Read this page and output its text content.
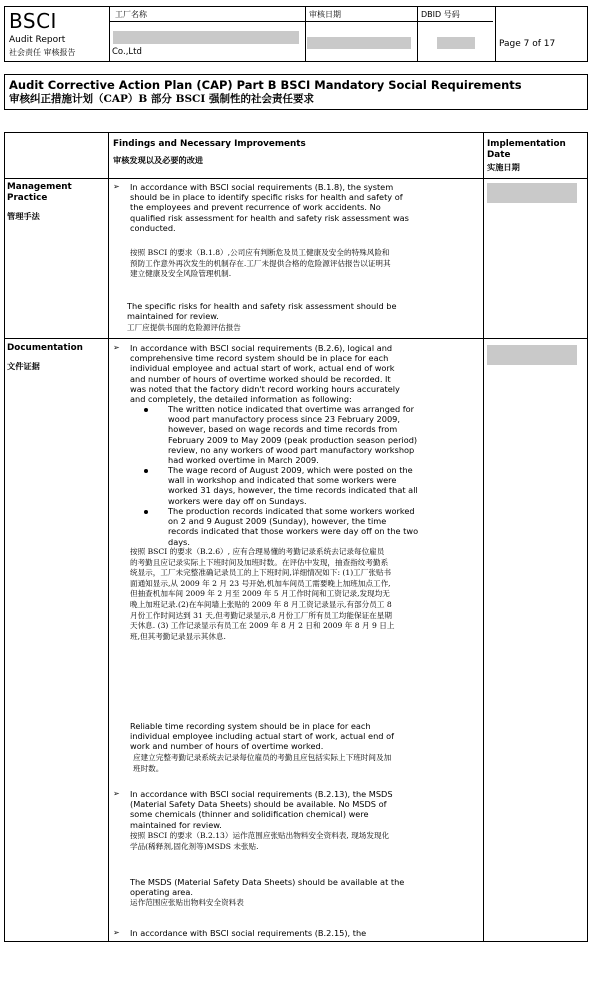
BSCI
Audit Report
社会责任 审核报告
工厂名称
Co.,Ltd
审核日期	DBID 号码
Page 7 of 17
Audit Corrective Action Plan (CAP) Part B BSCI Mandatory Social Requirements
审核纠正措施计划（CAP）B 部分 BSCI 强制性的社会责任要求
Findings and Necessary Improvements
审核发现以及必要的改进
Implementation
Date
实施日期
Management
Practice
管理手法
➢ In accordance with BSCI social requirements (B.1.8), the system
should be in place to identify specific risks for health and safety of
the employees and prevent recurrence of work accidents. No
qualified risk assessment for health and safety risk assessment was
conducted.
按照 BSCI 的要求（B.1.8）,公司应有判断危及员工健康及安全的特殊风险和
预防工作意外再次发生的机制存在.工厂未提供合格的危险源评估报告以证明其
建立健康及安全风险管理机制.
The specific risks for health and safety risk assessment should be
maintained for review.
工厂应提供书面的危险源评估报告
Documentation
文件证据
➢ In accordance with BSCI social requirements (B.2.6), logical and
comprehensive time record system should be in place for each
individual employee and actual start of work, actual end of work
and number of hours of overtime worked should be recorded. It
was noted that the factory didn't record working hours accurately
and completely, the detailed information as following:
The written notice indicated that overtime was arranged for
wood part manufactory process since 23 February 2009,
however, based on wage records and time records from
February 2009 to May 2009 (peak production season period)
review, no any workers of wood part manufactory workshop
had worked overtime in March 2009.
The wage record of August 2009, which were posted on the
wall in workshop and indicated that some workers were
worked 31 days, however, the time records indicated that all
workers were day off on Sundays.
The production records indicated that some workers worked
on 2 and 9 August 2009 (Sunday), however, the time
records indicated that those workers were day off on the two
days.
按照 BSCI 的要求（B.2.6）, 应有合理易懂的考勤记录系统去记录每位雇员
的考勤且应记录实际上下班时间及加班时数。在评估中发现，抽查指纹考勤系
统显示，工厂未完整准确记录员工的上下班时间,详细情况如下: (1)工厂张贴书
面通知显示,从 2009 年 2 月 23 号开始,机加车间员工需要晚上加班加点工作,
但抽查机加车间 2009 年 2 月至 2009 年 5 月工作时间和工资记录,发现均无
晚上加班记录.(2)在车间墙上张贴的 2009 年 8 月工资记录显示,有部分员工 8
月份工作时间达到 31 天,但考勤记录显示,8 月份工厂所有员工均能保证在星期
天休息. (3) 工作记录显示有员工在 2009 年 8 月 2 日和 2009 年 8 月 9 日上
班,但其考勤记录显示其休息.
Reliable time recording system should be in place for each
individual employee including actual start of work, actual end of
work and number of hours of overtime worked.
应建立完整考勤记录系统去记录每位雇员的考勤且应包括实际上下班时间及加
班时数。
➢ In accordance with BSCI social requirements (B.2.13), the MSDS
(Material Safety Data Sheets) should be available. No MSDS of
some chemicals (thinner and solidification chemical) were
maintained for review.
按照 BSCI 的要求（B.2.13）运作范围应张贴出物料安全资料表, 现场发现化
学品(稀释剂,固化剂等)MSDS 未张贴.
The MSDS (Material Safety Data Sheets) should be available at the
operating area.
运作范围应张贴出物料安全资料表
➢ In accordance with BSCI social requirements (B.2.15), the
